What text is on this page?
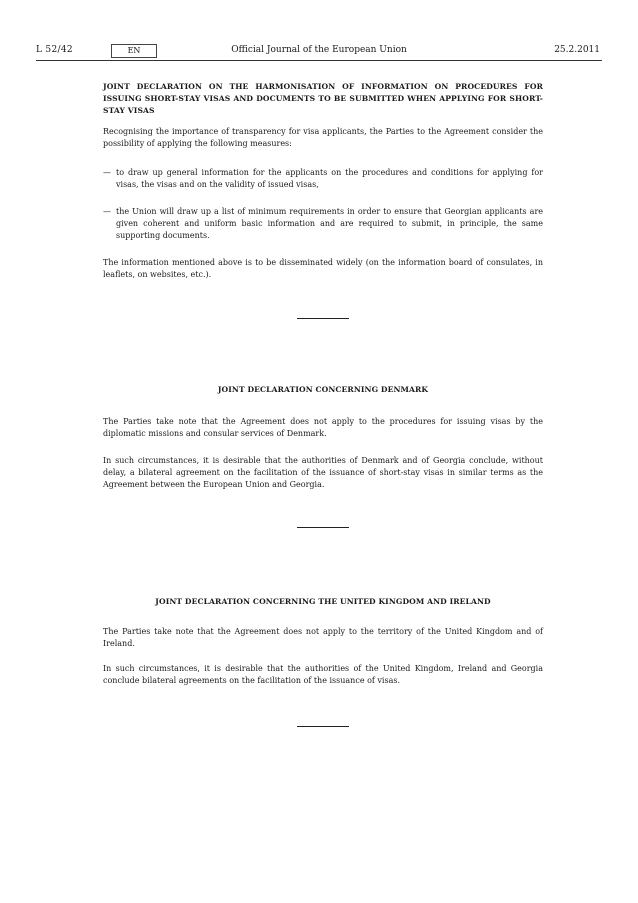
L 52/42	EN	Official Journal of the European Union	25.2.2011
JOINT DECLARATION ON THE HARMONISATION OF INFORMATION ON PROCEDURES FOR ISSUING SHORT-STAY VISAS AND DOCUMENTS TO BE SUBMITTED WHEN APPLYING FOR SHORT-STAY VISAS

Recognising the importance of transparency for visa applicants, the Parties to the Agreement consider the possibility of applying the following measures:

— to draw up general information for the applicants on the procedures and conditions for applying for visas, the visas and on the validity of issued visas,
— the Union will draw up a list of minimum requirements in order to ensure that Georgian applicants are given coherent and uniform basic information and are required to submit, in principle, the same supporting documents.

The information mentioned above is to be disseminated widely (on the information board of consulates, in leaflets, on websites, etc.).

JOINT DECLARATION CONCERNING DENMARK

The Parties take note that the Agreement does not apply to the procedures for issuing visas by the diplomatic missions and consular services of Denmark.

In such circumstances, it is desirable that the authorities of Denmark and of Georgia conclude, without delay, a bilateral agreement on the facilitation of the issuance of short-stay visas in similar terms as the Agreement between the European Union and Georgia.

JOINT DECLARATION CONCERNING THE UNITED KINGDOM AND IRELAND

The Parties take note that the Agreement does not apply to the territory of the United Kingdom and of Ireland.

In such circumstances, it is desirable that the authorities of the United Kingdom, Ireland and Georgia conclude bilateral agreements on the facilitation of the issuance of visas.
